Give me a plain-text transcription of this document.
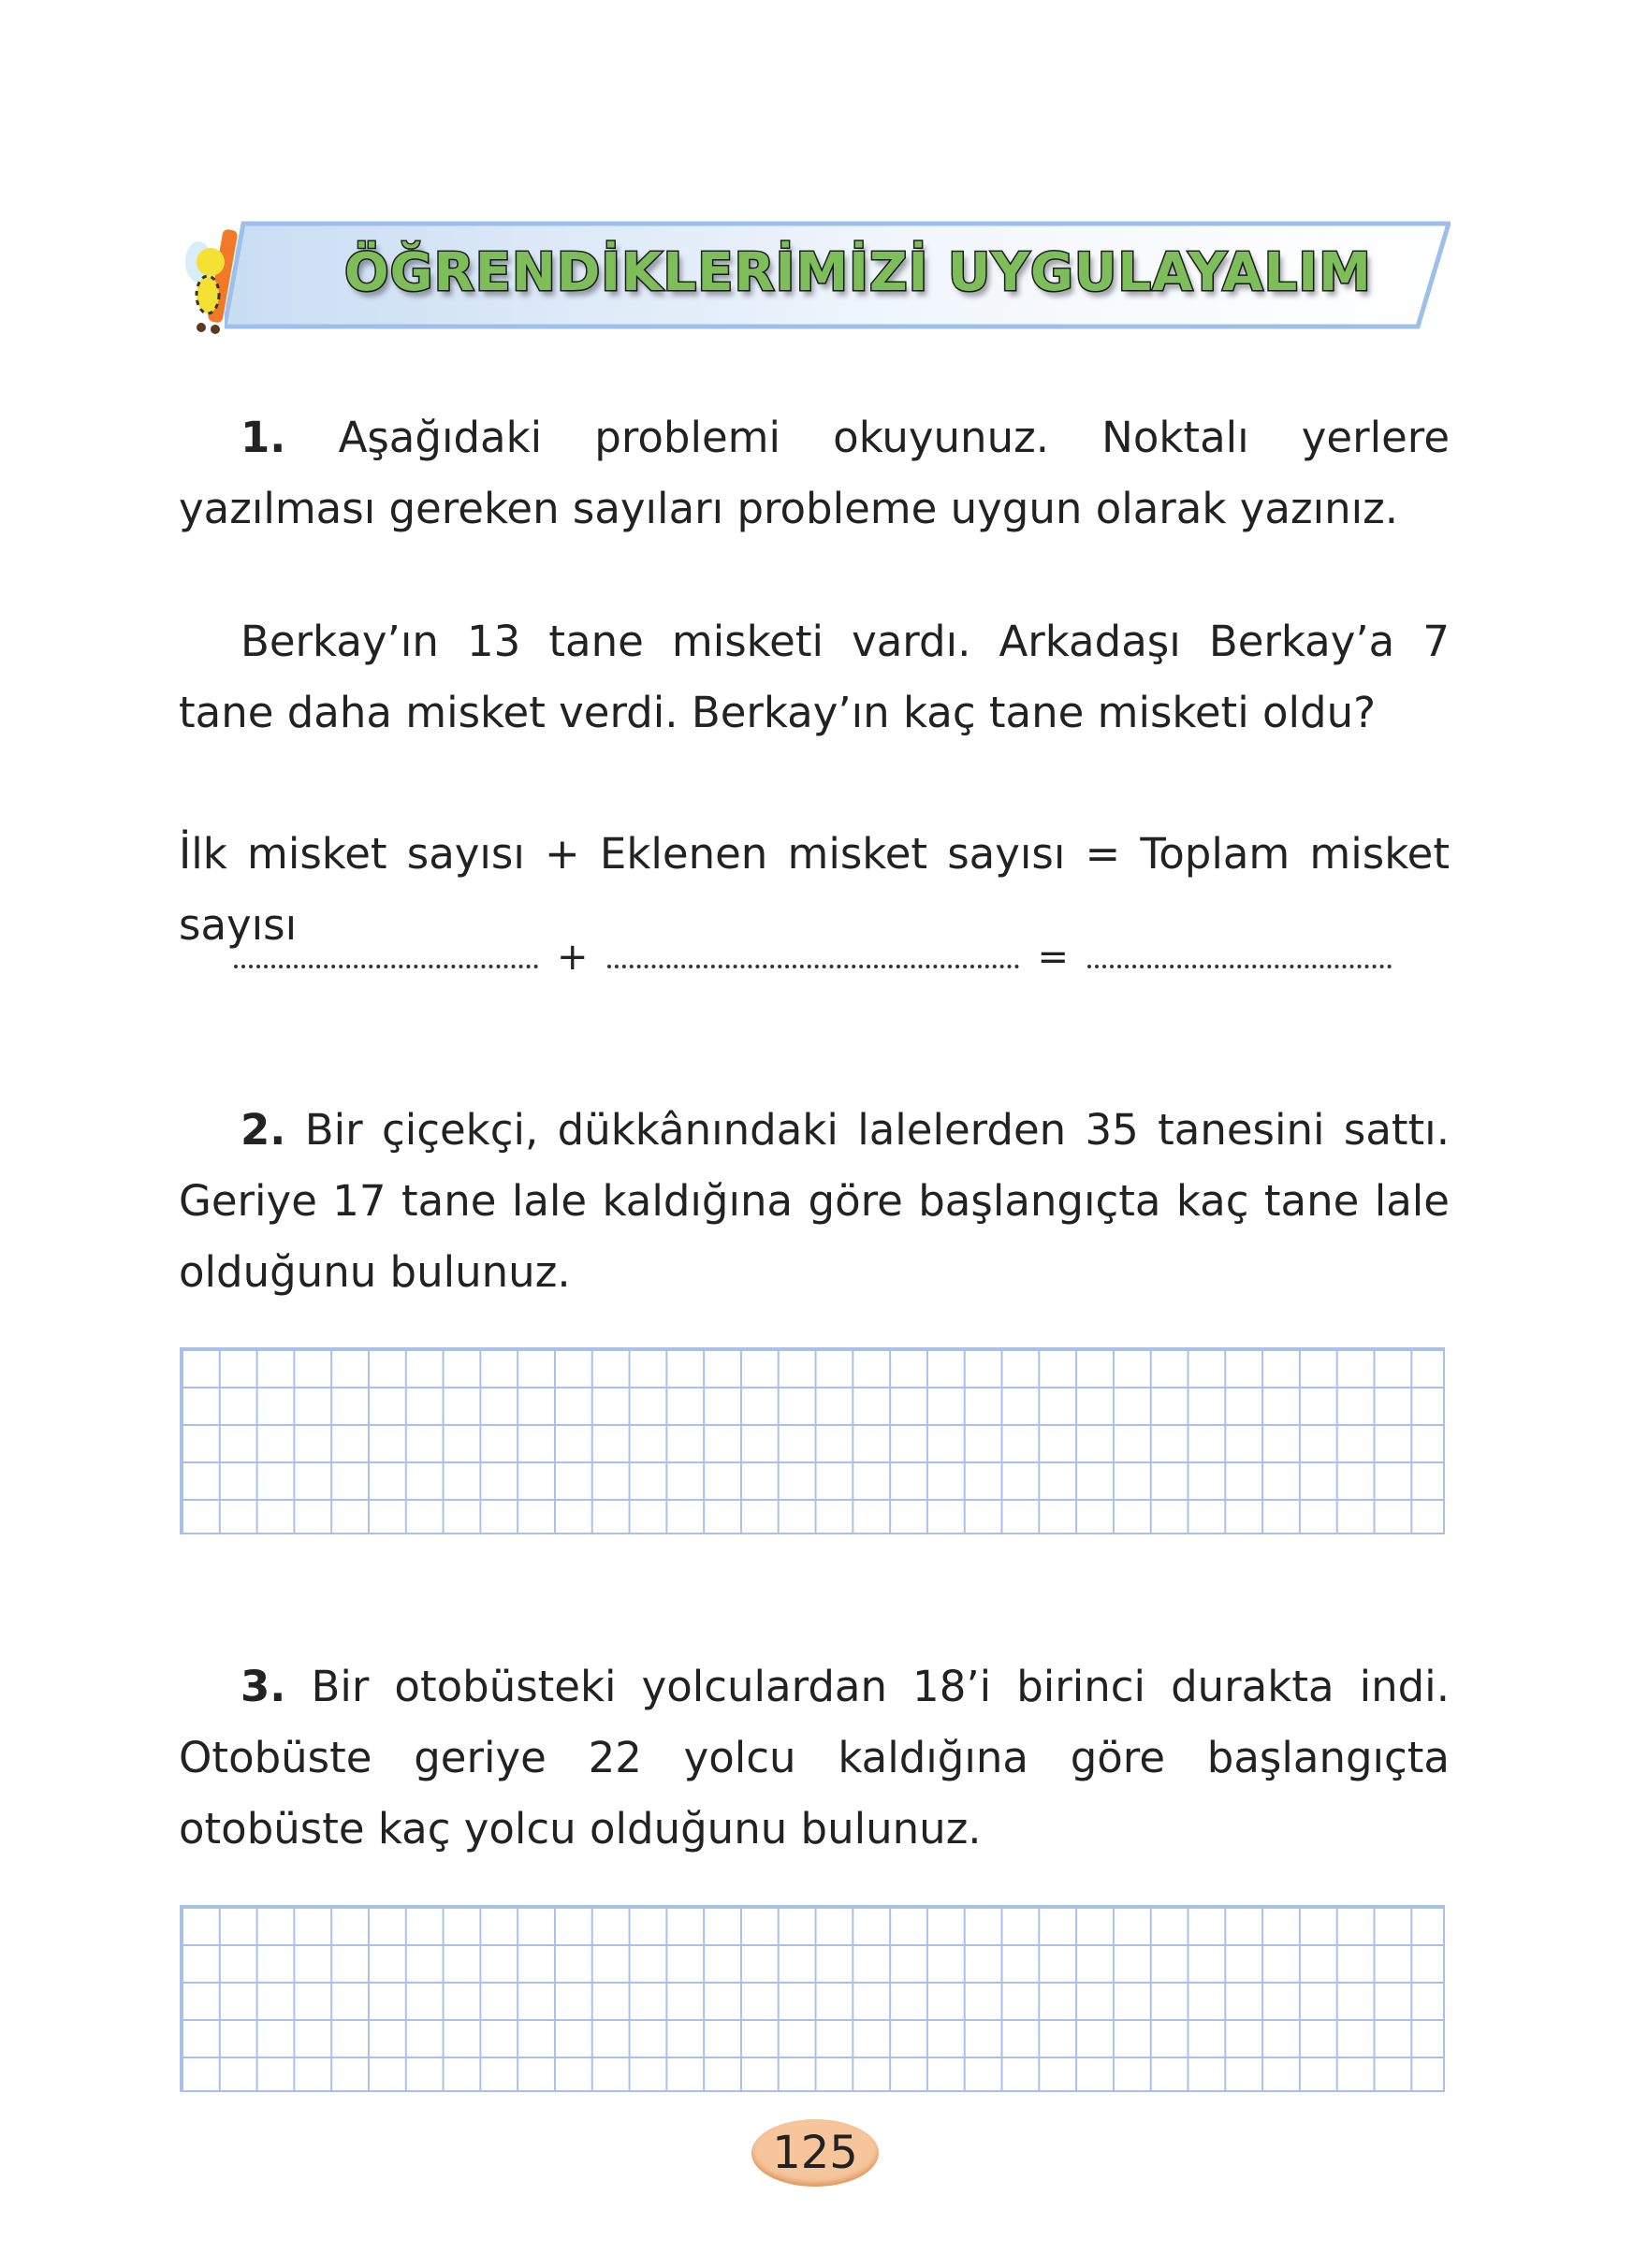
ÖĞRENDİKLERİMİZİ UYGULAYALIM
1. Aşağıdaki problemi okuyunuz. Noktalı yerlere yazılması gereken sayıları probleme uygun olarak yazınız.
Berkay’ın 13 tane misketi vardı. Arkadaşı Berkay’a 7 tane daha misket verdi. Berkay’ın kaç tane misketi oldu?
İlk misket sayısı + Eklenen misket sayısı = Toplam misket sayısı
+	=
2. Bir çiçekçi, dükkânındaki lalelerden 35 tanesini sattı. Geriye 17 tane lale kaldığına göre başlangıçta kaç tane lale olduğunu bulunuz.
3. Bir otobüsteki yolculardan 18’i birinci durakta indi. Otobüste geriye 22 yolcu kaldığına göre başlangıçta otobüste kaç yolcu olduğunu bulunuz.
125
